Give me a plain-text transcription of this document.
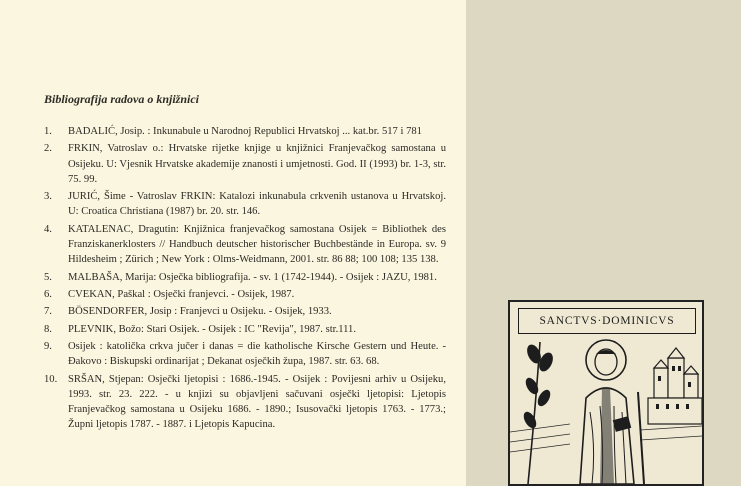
Bibliografija radova o knjižnici
1.	BADALIĆ, Josip. : Inkunabule u Narodnoj Republici Hrvatskoj ... kat.br. 517 i 781
2.	FRKIN, Vatroslav o.: Hrvatske rijetke knjige u knjižnici Franjevačkog samostana u Osijeku. U: Vjesnik Hrvatske akademije znanosti i umjetnosti. God. II (1993) br. 1-3, str. 75. 99.
3.	JURIĆ, Šime - Vatroslav FRKIN: Katalozi inkunabula crkvenih ustanova u Hrvatskoj. U: Croatica Christiana (1987) br. 20. str. 146.
4.	KATALENAC, Dragutin: Knjižnica franjevačkog samostana Osijek = Bibliothek des Franziskanerklosters // Handbuch deutscher historischer Buchbestände in Europa. sv. 9 Hildesheim ; Zürich ; New York : Olms-Weidmann, 2001. str. 86 88; 100 108; 135 138.
5.	MALBAŠA, Marija: Osječka bibliografija. - sv. 1 (1742-1944). - Osijek : JAZU, 1981.
6.	CVEKAN, Paškal : Osječki franjevci. - Osijek, 1987.
7.	BÖSENDORFER, Josip : Franjevci u Osijeku. - Osijek, 1933.
8.	PLEVNIK, Božo: Stari Osijek. - Osijek : IC "Revija", 1987. str.111.
9.	Osijek : katolička crkva jučer i danas = die katholische Kirsche Gestern und Heute. - Đakovo : Biskupski ordinarijat ; Dekanat osječkih župa, 1987. str. 63. 68.
10.	SRŠAN, Stjepan: Osječki ljetopisi : 1686.-1945. - Osijek : Povijesni arhiv u Osijeku, 1993. str. 23. 222. - u knjizi su objavljeni sačuvani osječki ljetopisi: Ljetopis Franjevačkog samostana u Osijeku 1686. - 1890.; Isusovački ljetopis 1763. - 1773.; Župni ljetopis 1787. - 1887. i Ljetopis Kapucina.
SANCTVS·DOMINICVS
